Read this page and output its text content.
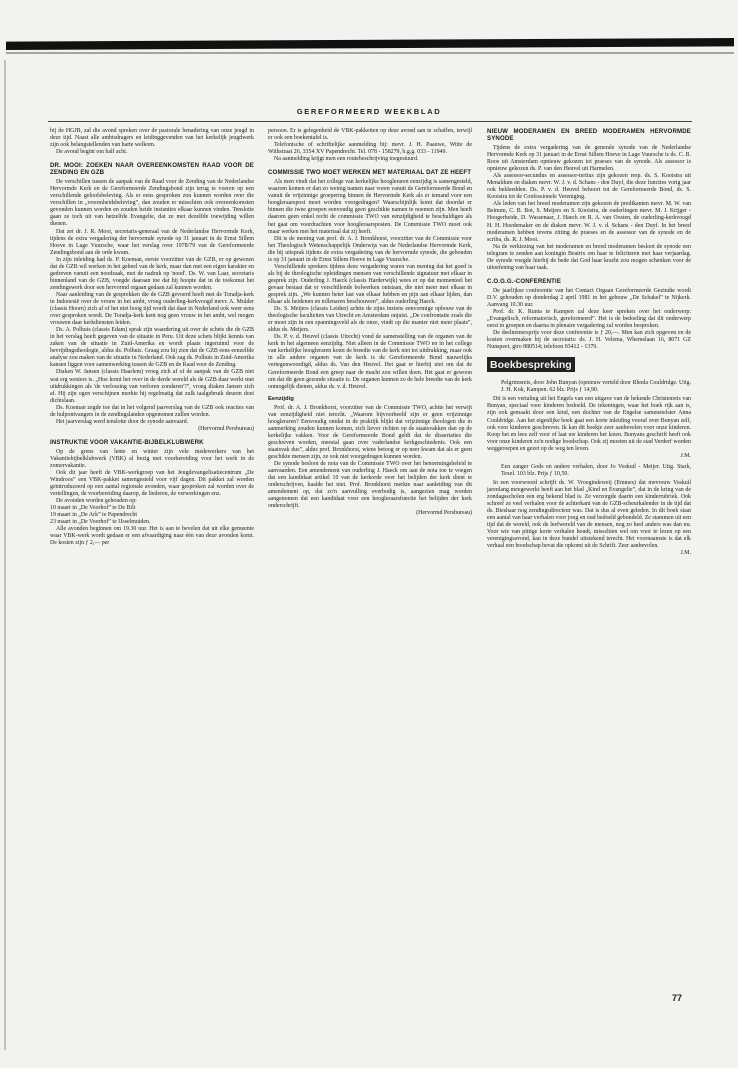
GEREFORMEERD WEEKBLAD

bij de HGJB, zal die avond spreken over de pastorale benadering van onze jeugd in deze tijd. Naast alle ambtsdragers en leidinggevenden van het kerkelijk jeugdwerk zijn ook belangstellenden van harte welkom.

De avond begint om half acht.

DR. MOOI: ZOEKEN NAAR OVEREENKOMSTEN RAAD VOOR DE ZENDING EN GZB

De verschillen tussen de aanpak van de Raad voor de Zending van de Nederlandse Hervormde Kerk en de Gereformeerde Zendingsbond zijn terug te voeren op een verschillende geloofsbeleving. Als er eens gesproken zou kunnen worden over die verschillen in „vroomheidsbeleving”, dan zouden er misschien ook overeenkomsten gevonden kunnen worden en zouden beide instanties elkaar kunnen vinden. Tenslotte gaan ze toch uit van hetzelfde Evangelie, dat ze met dezelfde toewijding willen dienen.

Dat zei dr. J. R. Mooi, secretaris-generaal van de Nederlandse Hervormde Kerk, tijdens de extra vergadering der hervormde synode op 31 januari in de Ernst Sillem Hoeve in Lage Vuursche, waar het verslag over 1978/79 van de Gereformeerde Zendingsbond aan de orde kwam.

In zijn inleiding had ds. P. Koeman, eerste voorzitter van de GZB, er op gewezen dat de GZB wil werken in het geheel van de kerk, maar dan met een eigen karakter en gedreven vanuit een noodzaak, met de nadruk op 'nood'. Ds. W. van Laar, secretaris binnenland van de GZB, voegde daaraan toe dat hij hoopte dat in de toekomst het zendingswerk door een hervormd orgaan gedaan zal kunnen worden.

Naar aanleiding van de gesprekken die de GZB gevoerd heeft met de Toradja-kerk in Indonesië over de vrouw in het ambt, vroeg ouderling-kerkvoogd mevr. A. Mulder (classis Hoorn) zich af of het niet hoog tijd wordt dat daar in Nederland ook weer eens over gesproken wordt. De Toradja-kerk kent nog geen vrouw in het ambt, wel mogen vrouwen daar kerkdiensten leiden.

Ds. A. Polhuis (classis Edam) sprak zijn waardering uit over de schets die de GZB in het verslag heeft gegeven van de situatie in Peru. Uit deze schets blijkt kennis van zaken van de situatie in Zuid-Amerika en wordt plaats ingeruimd voor de bevrijdingstheologie, aldus ds. Polhuis. Graag zou hij zien dat de GZB eens eenzelfde analyse zou maken van de situatie in Nederland. Ook zag ds. Polhuis in Zuid-Amerika kansen liggen voor samenwerking tussen de GZB en de Raad voor de Zending.

Diaken W. Jansen (classis Haarlem) vroeg zich af of de aanpak van de GZB niet wat erg westers is. „Hoe komt het over in de derde wereld als de GZB daar werkt met uitdrukkingen als 'de verlossing van verloren zondaren'?”, vroeg diaken Jansen zich af. Hij zijn ogen verschijnen merkte hij regelmatig dat zulk taalgebruik deuren doet dichtslaan.

Ds. Koeman zegde toe dat in het volgend jaarverslag van de GZB ook reacties van de hulpontvangers in de zendingslanden opgenomen zullen worden.

Het jaarverslag werd tenslotte door de synode aanvaard.

(Hervormd Persbureau)

INSTRUKTIE VOOR VAKANTIE-BIJBELKLUBWERK

Op de grens van lente en winter zijn vele medewerkers van het Vakantiebijbelklubwerk (VBK) al bezig met voorbereiding voor het werk in de zomervakantie.

Ook dit jaar heeft de VBK-werkgroep van het Jeugdevangelisatiecentrum „De Windroos” een VBK-pakket samengesteld voor vijf dagen. Dit pakket zal worden geïntroduceerd op een aantal regionale avonden, waar gesproken zal worden over de vertellingen, de voorbereiding daarop, de liederen, de verwerkingen enz.

De avonden worden gehouden op:

10 maart in „De Voorhof” te De Bilt

19 maart in „De Ark” te Papendrecht

23 maart in „De Voorhof” te IJsselmuiden.

Alle avonden beginnen om 19.30 uur. Het is aan te bevelen dat uit elke gemeente waar VBK-werk wordt gedaan er een afvaardiging naar één van deze avonden komt. De kosten zijn ƒ 2,— per

persoon. Er is gelegenheid de VBK-pakketten op deze avond aan te schaffen, terwijl er ook een boekentafel is.

Telefonische of schriftelijke aanmelding bij: mevr. J. H. Paauwe, Witte de Withstraat 26, 3354 XV Papendrecht. Tel. 078 - 158279, b.g.g. 033 - 11949.

Na aanmelding krijgt men een routebeschrijving toegestuurd.

COMMISSIE TWO MOET WERKEN MET MATERIAAL DAT ZE HEEFT

Als men vindt dat het college van kerkelijke hoogleraren eenzijdig is samengesteld, waarom komen er dan zo weinig namen naar voren vanuit de Gereformeerde Bond en vanuit de vrijzinnige groepering binnen de Hervormde Kerk als er iemand voor een hoogleraarspost moet worden voorgedragen? Waarschijnlijk komt dat doordat er binnen die twee groepen eenvoudig geen geschikte namen te noemen zijn. Men heeft daarom geen enkel recht de commissie TWO van eenzijdigheid te beschuldigen als het gaat om voordrachten voor hoogleraarsposten. De Commissie TWO moet ook maar werken met het materiaal dat zij heeft.

Dit is de mening van prof. dr. A. J. Bronkhorst, voorzitter van de Commissie voor het Theologisch Wetenschappelijk Onderwijs van de Nederlandse Hervormde Kerk, die hij uitsprak tijdens de extra vergadering van de hervormde synode, die gehouden is op 31 januari in de Ernst Sillem Hoeve in Lage Vuursche.

Verschillende sprekers tijdens deze vergadering waren van mening dat het goed is als bij de theologische opleidingen mensen van verschillende signatuur met elkaar in gesprek zijn. Ouderling J. Haeck (classis Harderwijk) wees er op dat momenteel het gevaar bestaat dat er verschillende bolwerken ontstaan, die niet meer met elkaar in gesprek zijn. „We kunnen beter last van elkaar hebben en pijn aan elkaar lijden, dan elkaar als heidenen en tollenaren beschouwen”, aldus ouderling Haeck.

Ds. S. Meijers (classis Leiden) achtte de zijns inziens eenvormige opbouw van de theologische faculteiten van Utrecht en Amsterdam onjuist. „De confrontatie zoals die er moet zijn in een spanningsveld als de onze, vindt op die manier niet meer plaats”, aldus ds. Meijers.

Ds. P. v. d. Heuvel (classis Utrecht) vond de samenstelling van de organen van de kerk in het algemeen eenzijdig. Niet alleen in de Commissie TWO en in het college van kerkelijke hoogleraren komt de breedte van de kerk niet tot uitdrukking, maar ook in alle andere organen van de kerk is de Gereformeerde Bond nauwelijks vertegenwoordigd, aldus ds. Van den Heuvel. Het gaat er hierbij niet om dat de Gereformeerde Bond een greep naar de macht zou willen doen. Het gaat er gewoon om dat dit geen gezonde situatie is. De organen kunnen zo de hele breedte van de kerk onmogelijk dienen, aldus ds. v. d. Heuvel.

Eenzijdig

Prof. dr. A. J. Bronkhorst, voorzitter van de Commissie TWO, achtte het verwijt van eenzijdigheid niet terecht. „Waarom bijvoorbeeld zijn er geen vrijzinnige hoogleraren? Eenvoudig omdat in de praktijk blijkt dat vrijzinnige theologen die in aanmerking zouden kunnen komen, zich liever richten op de staatsvakken dan op de kerkelijke vakken. Voor de Gereformeerde Bond geldt dat de dissertaties die geschreven worden, meestal gaan over vaderlandse kerkgeschiedenis. Ook een staatsvak dus”, aldus prof. Bronkhorst, wiens betoog er op neer kwam dat als er geen geschikte mensen zijn, ze ook niet voorgedragen kunnen worden.

De synode besloot de nota van de Commissie TWO over het benoemingsbeleid te aanvaarden. Een amendement van ouderling J. Haeck om aan de nota toe te voegen dat een kandidaat artikel 10 van de kerkorde over het belijden der kerk dient te onderschrijven, haalde het niet. Prof. Bronkhorst merkte naar aanleiding van dit amendement op, dat zo'n aanvulling overbodig is, aangezien mag worden aangenomen dat een kandidaat voor een hoogleraarsfunctie het belijden der kerk onderschrijft.

(Hervormd Persbureau)

NIEUW MODERAMEN EN BREED MODERAMEN HERVORMDE SYNODE

Tijdens de extra vergadering van de generale synode van de Nederlandse Hervormde Kerk op 31 januari in de Ernst Sillem Hoeve in Lage Vuursche is ds. C. B. Roos uit Amsterdam opnieuw gekozen tot praeses van de synode. Als assessor is opnieuw gekozen ds. P. van den Heuvel uit Harmelen.

Als assessor-secundus en assessor-tertius zijn gekozen resp. ds. S. Kooistra uit Menaldum en diaken mevr. W. J. v. d. Schans - den Duyf, die deze functies vorig jaar ook bekleedden. Ds. P. v. d. Heuvel behoort tot de Gereformeerde Bond, ds. S. Kooistra tot de Confessionele Vereniging.

Als leden van het breed moderamen zijn gekozen de predikanten mevr. M. W. van Beinum, C. B. Bot, S. Meijers en S. Kooistra, de ouderlingen mevr. M. J. Krijger - Hoogerheide, D. Wassenaar, J. Haeck en R. A. van Oosten, de ouderling-kerkvoogd H. H. Hoedemaker en de diaken mevr. W. J. v. d. Schans - den Duyf. In het breed moderamen hebben tevens zitting de praeses en de assessor van de synode en de scriba, ds. R. J. Mooi.

Na de verkiezing van het moderamen en breed moderamen besloot de synode een telegram te zenden aan koningin Beatrix om haar te feliciteren met haar verjaardag. De synode voegde hierbij de bede dat God haar kracht zou mogen schenken voor de uitoefening van haar taak.

C.O.G.G.-CONFERENTIE

De jaarlijkse conferentie van het Contact Orgaan Gereformeerde Gezindte wordt D.V. gehouden op donderdag 2 april 1981 in het gebouw „De Schakel” te Nijkerk. Aanvang 10.30 uur.

Prof. dr. K. Runia te Kampen zal deze keer spreken over het onderwerp: „Evangelisch, reformatorisch, gereformeerd”. Het is de bedoeling dat dit onderwerp eerst in groepen en daarna in plenaire vergadering zal worden besproken.

De deelnemersprijs voor deze conferentie is ƒ 20,—. Men kan zich opgeven en de kosten overmaken bij de secretaris: ds. J. H. Velema, Whemelaan 16, 8071 GZ Nunspeet, giro 880514; telefoon 03412 - 1379.

Boekbespreking

Pelgrimsreis, door John Bunyan (opnieuw verteld door Rhoda Couldridge. Uitg. J. H. Kok, Kampen. 62 blz. Prijs ƒ 14,90.

Dit is een vertaling uit het Engels van een uitgave van de bekende Christenreis van Bunyan, speciaal voor kinderen bedoeld. De tekeningen, waar het boek rijk aan is, zijn ook gemaakt door een kind, een dochter van de Engelse samenstelster Anna Couldridge. Aan het eigenlijke boek gaat een korte inleiding vooraf over Bunyan zelf, ook voor kinderen geschreven. Ik kan dit boekje zeer aanbevelen voor onze kinderen. Koop het en lees zelf voor of laat uw kinderen het lezen. Bunyans geschrift heeft ook voor onze kinderen zo'n nodige boodschap. Ook zij moeten uit de stad Verderf worden weggeroepen en gezet op de weg ten leven.

J.M.

Een zanger Gods en andere verhalen, door Jo Voskuil - Meijer. Uitg. Stark, Texel. 103 blz. Prijs ƒ 10,50.

In een voorwoord schrijft ds. W. Vroegindeweij (Emmes) dat mevrouw Voskuil jarenlang meegewerkt heeft aan het blad „Kind en Evangelie”, dat in de kring van de zondagsscholen een erg bekend blad is. Ze verzorgde daarin een kinderrubriek. Ook schreef ze veel verhalen voor de achterkant van de GZB-scheurkalender in de tijd dat ds. Bieshaar nog zendingsdirecteur was. Dat is dus al even geleden. In dit boek staat een aantal van haar verhalen voor jong en oud bedoeld gebundeld. Ze stammen uit een tijd dat de wereld, ook de leefwereld van de mensen, nog zo heel anders was dan nu. Voor wie van pittige korte verhalen houdt, misschien wel om voor te lezen op een verenigingsavond, kan in deze bundel uitstekend terecht. Het voornaamste is dat elk verhaal een boodschap bevat die opkomt uit de Schrift. Zeer aanbevolen.

J.M.

77
